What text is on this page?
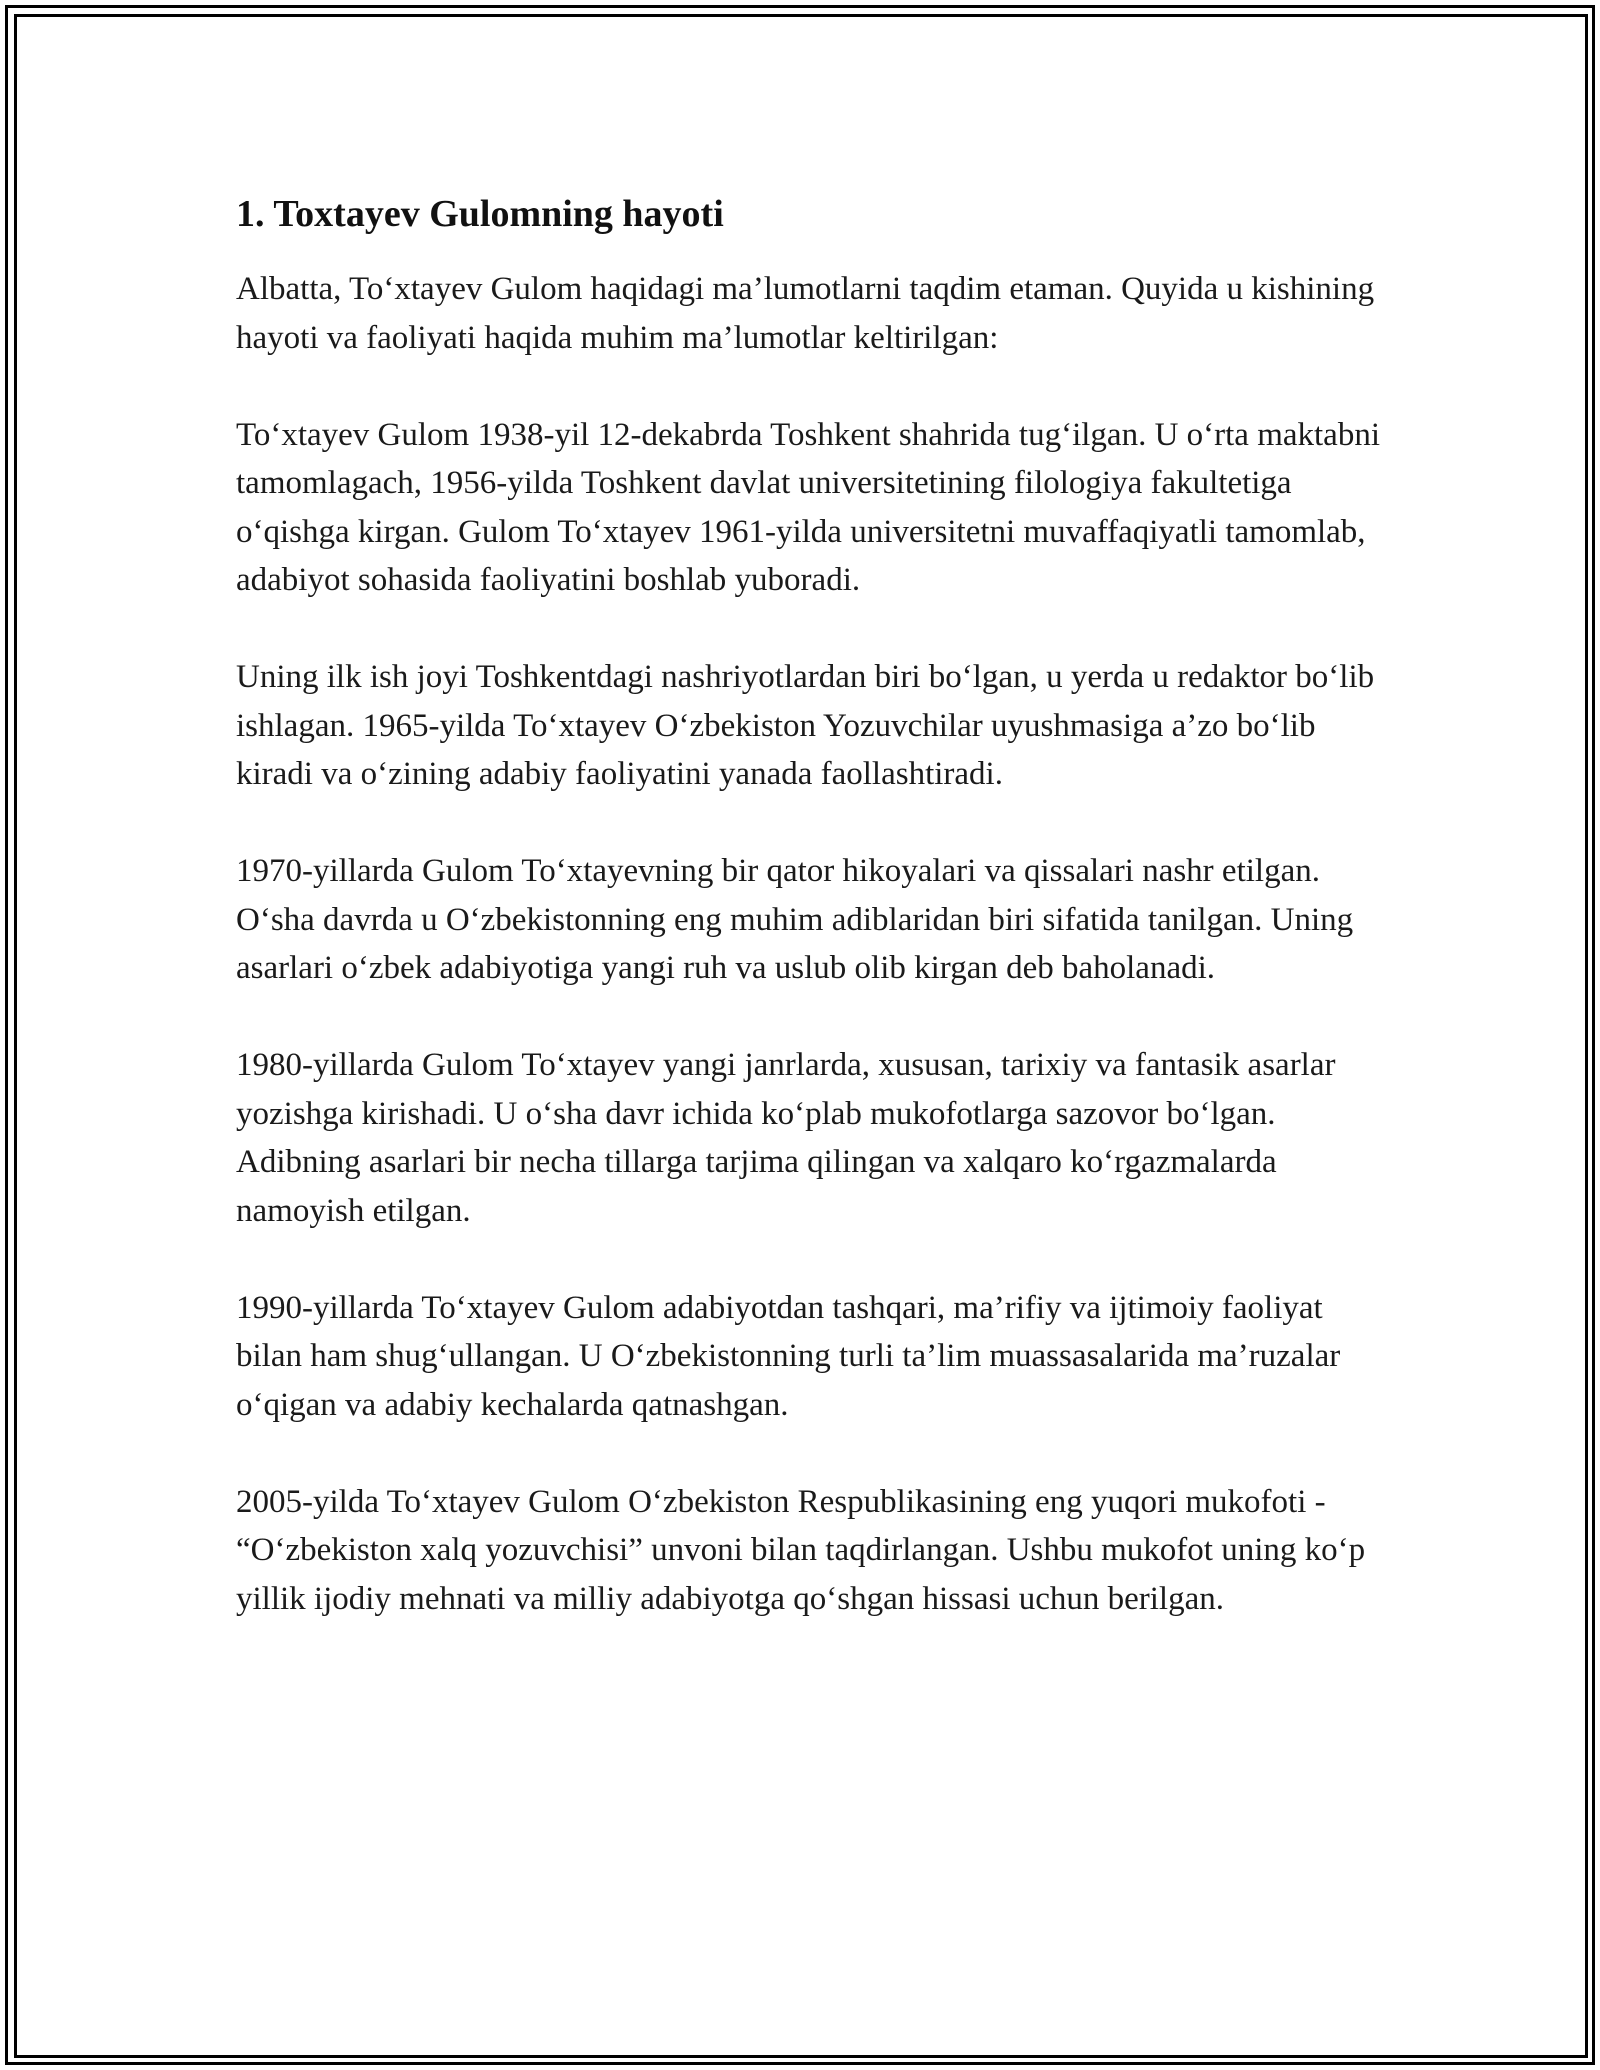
1. Toxtayev Gulomning hayoti

Albatta, To‘xtayev Gulom haqidagi ma’lumotlarni taqdim etaman. Quyida u kishining hayoti va faoliyati haqida muhim ma’lumotlar keltirilgan:

To‘xtayev Gulom 1938-yil 12-dekabrda Toshkent shahrida tug‘ilgan. U o‘rta maktabni tamomlagach, 1956-yilda Toshkent davlat universitetining filologiya fakultetiga o‘qishga kirgan. Gulom To‘xtayev 1961-yilda universitetni muvaffaqiyatli tamomlab, adabiyot sohasida faoliyatini boshlab yuboradi.

Uning ilk ish joyi Toshkentdagi nashriyotlardan biri bo‘lgan, u yerda u redaktor bo‘lib ishlagan. 1965-yilda To‘xtayev O‘zbekiston Yozuvchilar uyushmasiga a’zo bo‘lib kiradi va o‘zining adabiy faoliyatini yanada faollashtiradi.

1970-yillarda Gulom To‘xtayevning bir qator hikoyalari va qissalari nashr etilgan. O‘sha davrda u O‘zbekistonning eng muhim adiblaridan biri sifatida tanilgan. Uning asarlari o‘zbek adabiyotiga yangi ruh va uslub olib kirgan deb baholanadi.

1980-yillarda Gulom To‘xtayev yangi janrlarda, xususan, tarixiy va fantasik asarlar yozishga kirishadi. U o‘sha davr ichida ko‘plab mukofotlarga sazovor bo‘lgan. Adibning asarlari bir necha tillarga tarjima qilingan va xalqaro ko‘rgazmalarda namoyish etilgan.

1990-yillarda To‘xtayev Gulom adabiyotdan tashqari, ma’rifiy va ijtimoiy faoliyat bilan ham shug‘ullangan. U O‘zbekistonning turli ta’lim muassasalarida ma’ruzalar o‘qigan va adabiy kechalarda qatnashgan.

2005-yilda To‘xtayev Gulom O‘zbekiston Respublikasining eng yuqori mukofoti - “O‘zbekiston xalq yozuvchisi” unvoni bilan taqdirlangan. Ushbu mukofot uning ko‘p yillik ijodiy mehnati va milliy adabiyotga qo‘shgan hissasi uchun berilgan.
